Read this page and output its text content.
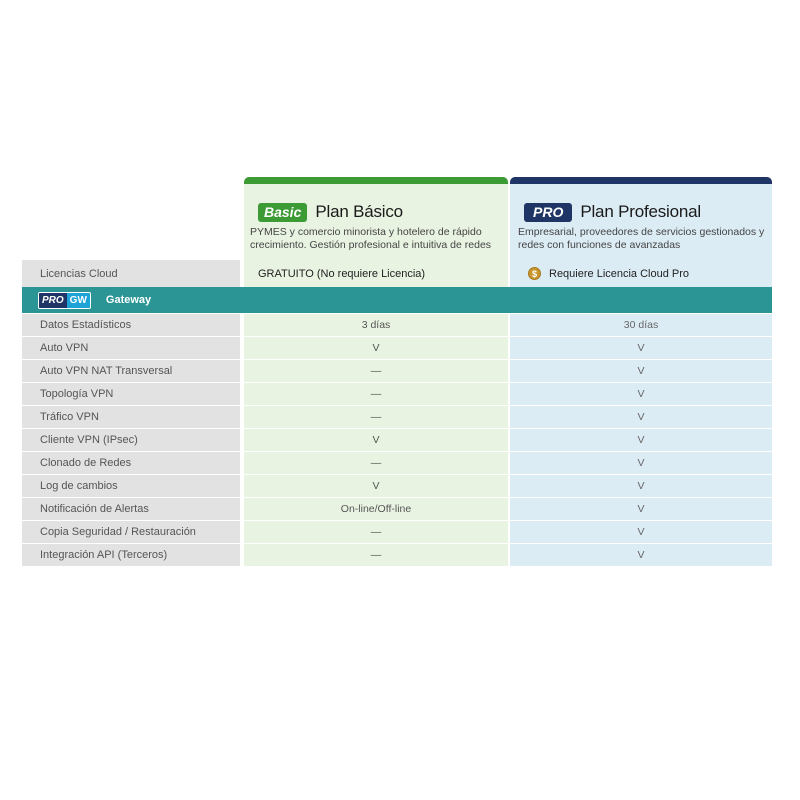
Basic Plan Básico
PYMES y comercio minorista y hotelero de rápido crecimiento. Gestión profesional e intuitiva de redes
PRO	Plan Profesional
Empresarial, proveedores de servicios gestionados y redes con funciones de avanzadas
Licencias Cloud	GRATUITO (No requiere Licencia)	$	Requiere Licencia Cloud Pro
PRO GW Gateway
Datos Estadísticos	3 días	30 días
Auto VPN	V	V
Auto VPN NAT Transversal	—	V
Topología VPN	—	V
Tráfico VPN	—	V
Cliente VPN (IPsec)	V	V
Clonado de Redes	—	V
Log de cambios	V	V
Notificación de Alertas	On-line/Off-line	V
Copia Seguridad / Restauración	—	V
Integración API (Terceros)	—	V
